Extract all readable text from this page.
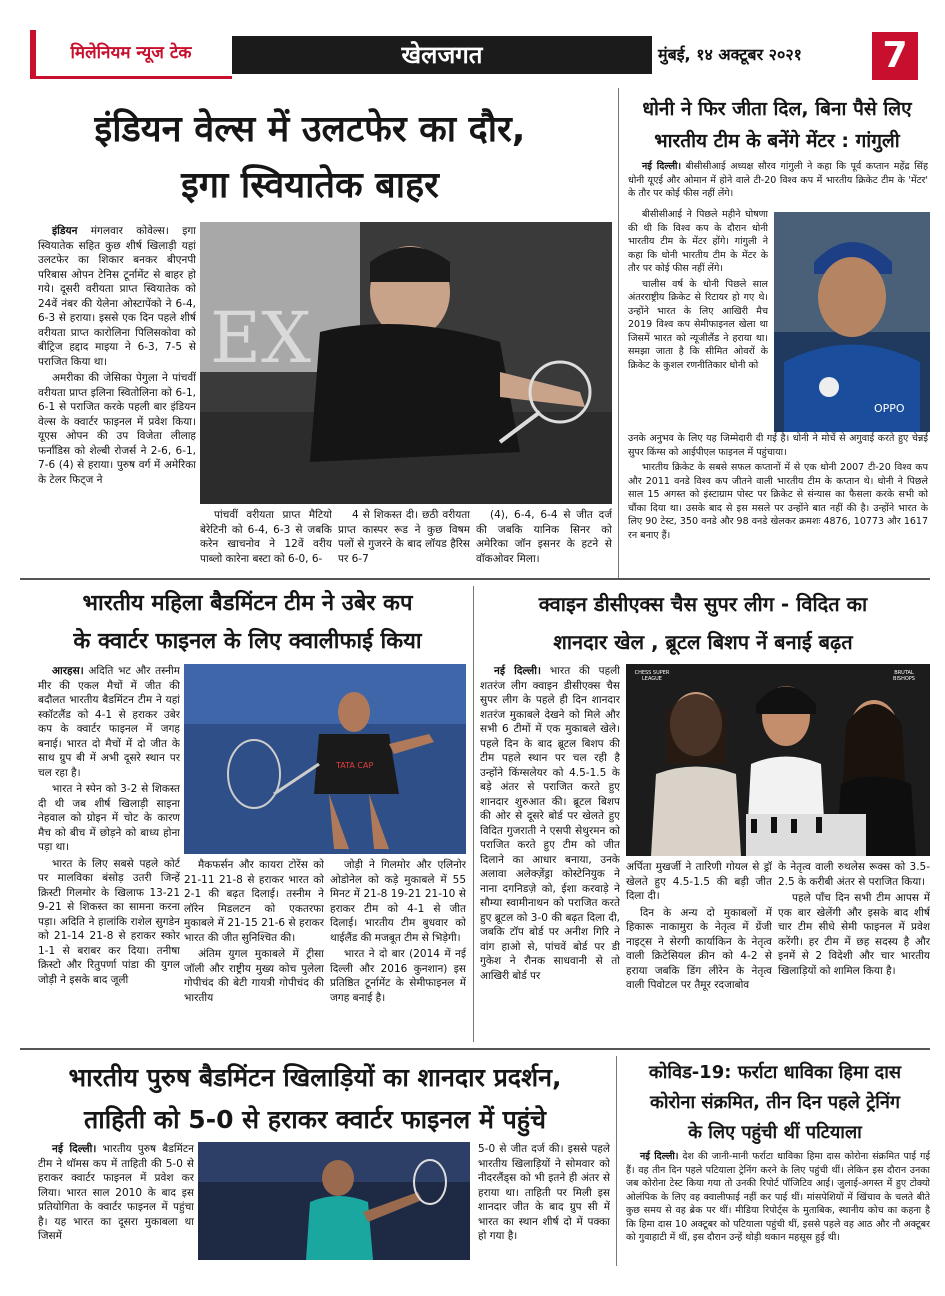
मिलेनियम न्यूज टेक	खेलजगत	मुंबई, १४ अक्टूबर २०२१	7
इंडियन वेल्स में उलटफेर का दौर,
इगा स्वियातेक बाहर

इंडियन मंगलवार कोवेल्स। इगा स्वियातेक सहित कुछ शीर्ष खिलाड़ी यहां उलटफेर का शिकार बनकर बीएनपी परिबास ओपन टेनिस टूर्नामेंट से बाहर हो गये। दूसरी वरीयता प्राप्त स्वियातेक को 24वें नंबर की येलेना ओस्टापेंको ने 6-4, 6-3 से हराया। इससे एक दिन पहले शीर्ष वरीयता प्राप्त कारोलिना पिलिसकोवा को बीट्रिज हद्दाद माइया ने 6-3, 7-5 से पराजित किया था।

अमरीका की जेसिका पेगुला ने पांचवीं वरीयता प्राप्त इलिना स्वितोलिना को 6-1, 6-1 से पराजित करके पहली बार इंडियन वेल्स के क्वार्टर फाइनल में प्रवेश किया। यूएस ओपन की उप विजेता लीलाह फर्नांडिस को शेल्बी रोजर्स ने 2-6, 6-1, 7-6 (4) से हराया। पुरुष वर्ग में अमेरिका के टेलर फिट्ज ने

EX

पांचवीं वरीयता प्राप्त मैटियो बेरेटिनी को 6-4, 6-3 से जबकि करेन खाचनोव ने 12वें वरीय पाब्लो कारेना बस्टा को 6-0, 6-

4 से शिकस्त दी। छठी वरीयता प्राप्त कास्पर रूड ने कुछ विषम पलों से गुजरने के बाद लॉयड हैरिस पर 6-7

(4), 6-4, 6-4 से जीत दर्ज की जबकि यानिक सिनर को अमेरिका जॉन इसनर के हटने से वॉकओवर मिला।

धोनी ने फिर जीता दिल, बिना पैसे लिए
भारतीय टीम के बनेंगे मेंटर : गांगुली

नई दिल्ली। बीसीसीआई अध्यक्ष सौरव गांगुली ने कहा कि पूर्व कप्तान महेंद्र सिंह धोनी यूएई और ओमान में होने वाले टी-20 विश्व कप में भारतीय क्रिकेट टीम के 'मेंटर' के तौर पर कोई फीस नहीं लेंगे।

बीसीसीआई ने पिछले महीने घोषणा की थी कि विश्व कप के दौरान धोनी भारतीय टीम के मेंटर होंगे। गांगुली ने कहा कि धोनी भारतीय टीम के मेंटर के तौर पर कोई फीस नहीं लेंगे।

चालीस वर्ष के धोनी पिछले साल अंतरराष्ट्रीय क्रिकेट से रिटायर हो गए थे। उन्होंने भारत के लिए आखिरी मैच 2019 विश्व कप सेमीफाइनल खेला था जिसमें भारत को न्यूजीलैंड ने हराया था। समझा जाता है कि सीमित ओवरों के क्रिकेट के कुशल रणनीतिकार धोनी को

OPPO

उनके अनुभव के लिए यह जिम्मेदारी दी गई है। धोनी ने मोर्चे से अगुवाई करते हुए चेन्नई सुपर किंग्स को आईपीएल फाइनल में पहुंचाया।

भारतीय क्रिकेट के सबसे सफल कप्तानों में से एक धोनी 2007 टी-20 विश्व कप और 2011 वनडे विश्व कप जीतने वाली भारतीय टीम के कप्तान थे। धोनी ने पिछले साल 15 अगस्त को इंस्टाग्राम पोस्ट पर क्रिकेट से संन्यास का फैसला करके सभी को चौंका दिया था। उसके बाद से इस मसले पर उन्होंने बात नहीं की है। उन्होंने भारत के लिए 90 टेस्ट, 350 वनडे और 98 वनडे खेलकर क्रमशः 4876, 10773 और 1617 रन बनाए हैं।

भारतीय महिला बैडमिंटन टीम ने उबेर कप
के क्वार्टर फाइनल के लिए क्वालीफाई किया

आरहस। अदिति भट और तस्नीम मीर की एकल मैचों में जीत की बदौलत भारतीय बैडमिंटन टीम ने यहां स्कॉटलैंड को 4-1 से हराकर उबेर कप के क्वार्टर फाइनल में जगह बनाई। भारत दो मैचों में दो जीत के साथ ग्रुप बी में अभी दूसरे स्थान पर चल रहा है।

भारत ने स्पेन को 3-2 से शिकस्त दी थी जब शीर्ष खिलाड़ी साइना नेहवाल को ग्रोइन में चोट के कारण मैच को बीच में छोड़ने को बाध्य होना पड़ा था।

भारत के लिए सबसे पहले कोर्ट पर मालविका बंसोड़ उतरी जिन्हें क्रिस्टी गिलमोर के खिलाफ 13-21 9-21 से शिकस्त का सामना करना पड़ा। अदिति ने हालांकि राशेल सुगडेन को 21-14 21-8 से हराकर स्कोर 1-1 से बराबर कर दिया। तनीषा क्रिस्टो और रितुपर्णा पांडा की युगल जोड़ी ने इसके बाद जूली

TATA CAP

मैकफर्सन और कायरा टोरेंस को 21-11 21-8 से हराकर भारत को 2-1 की बढ़त दिलाई। तस्नीम ने लॉरेन मिडलटन को एकतरफा मुकाबले में 21-15 21-6 से हराकर भारत की जीत सुनिश्चित की।

अंतिम युगल मुकाबले में ट्रीसा जॉली और राष्ट्रीय मुख्य कोच पुलेला गोपीचंद की बेटी गायत्री गोपीचंद की भारतीय

जोड़ी ने गिलमोर और एलिनोर ओडोनेल को कड़े मुकाबले में 55 मिनट में 21-8 19-21 21-10 से हराकर टीम को 4-1 से जीत दिलाई। भारतीय टीम बुधवार को थाईलैंड की मजबूत टीम से भिड़ेगी।

भारत ने दो बार (2014 में नई दिल्ली और 2016 कुनशान) इस प्रतिष्ठित टूर्नामेंट के सेमीफाइनल में जगह बनाई है।

क्वाइन डीसीएक्स चैस सुपर लीग - विदित का
शानदार खेल , ब्रूटल बिशप नें बनाई बढ़त

नई दिल्ली। भारत की पहली शतरंज लीग क्वाइन डीसीएक्स चैस सुपर लीग के पहले ही दिन शानदार शतरंज मुकाबले देखने को मिले और सभी 6 टीमों में एक मुकाबले खेले। पहले दिन के बाद ब्रूटल बिशप की टीम पहले स्थान पर चल रही है उन्होंने किंग्सलेयर को 4.5-1.5 के बड़े अंतर से पराजित करते हुए शानदार शुरुआत की। ब्रूटल बिशप की ओर से दूसरे बोर्ड पर खेलते हुए विदित गुजराती ने एसपी सेथुरमन को पराजित करते हुए टीम को जीत दिलाने का आधार बनाया, उनके अलावा अलेक्ज़ेंड्रा कोस्टेनियुक ने नाना दगनिडज़े को, ईशा करवाड़े ने सौम्या स्वामीनाथन को पराजित करते हुए ब्रूटल को 3-0 की बढ़त दिला दी, जबकि टॉप बोर्ड पर अनीश गिरि ने वांग हाओ से, पांचवें बोर्ड पर डी गुकेश ने रौनक साधवानी से तो आखिरी बोर्ड पर

CHESS SUPER LEAGUE
BRUTAL BISHOPS

अर्पिता मुखर्जी ने तारिणी गोयल से ड्रॉ खेलते हुए 4.5-1.5 की बड़ी जीत दिला दी।

दिन के अन्य दो मुकाबलों में हिकारू नाकामुरा के नेतृत्व में ग्रेंजी नाइट्स ने सेरगी कार्याकिन के नेतृत्व वाली क्रिटेसियल क्रीन को 4-2 से हराया जबकि डिंग लीरेन के नेतृत्व वाली पिवोटल पर तैमूर रदजाबोव

के नेतृत्व वाली रुथलेस रूक्स को 3.5-2.5 के करीबी अंतर से पराजित किया।

पहले पाँच दिन सभी टीम आपस में एक बार खेलेंगी और इसके बाद शीर्ष चार टीम सीधे सेमी फाइनल में प्रवेश करेंगी। हर टीम में छह सदस्य है और इनमें से 2 विदेशी और चार भारतीय खिलाड़ियों को शामिल किया है।

भारतीय पुरुष बैडमिंटन खिलाड़ियों का शानदार प्रदर्शन,
ताहिती को 5-0 से हराकर क्वार्टर फाइनल में पहुंचे

नई दिल्ली। भारतीय पुरुष बैडमिंटन टीम ने थॉमस कप में ताहिती की 5-0 से हराकर क्वार्टर फाइनल में प्रवेश कर लिया। भारत साल 2010 के बाद इस प्रतियोगिता के क्वार्टर फाइनल में पहुंचा है। यह भारत का दूसरा मुकाबला था जिसमें

5-0 से जीत दर्ज की। इससे पहले भारतीय खिलाड़ियों ने सोमवार को नीदरलैंड्स को भी इतने ही अंतर से हराया था। ताहिती पर मिली इस शानदार जीत के बाद ग्रुप सी में भारत का स्थान शीर्ष दो में पक्का हो गया है।

कोविड-19: फर्राटा धाविका हिमा दास
कोरोना संक्रमित, तीन दिन पहले ट्रेनिंग
के लिए पहुंची थीं पटियाला

नई दिल्ली। देश की जानी-मानी फर्राटा धाविका हिमा दास कोरोना संक्रमित पाई गई हैं। वह तीन दिन पहले पटियाला ट्रेनिंग करने के लिए पहुंची थीं। लेकिन इस दौरान उनका जब कोरोना टेस्ट किया गया तो उनकी रिपोर्ट पॉजिटिव आई। जुलाई-अगस्त में हुए टोक्यो ओलंपिक के लिए वह क्वालीफाई नहीं कर पाई थीं। मांसपेशियों में खिंचाव के चलते बीते कुछ समय से वह ब्रेक पर थीं। मीडिया रिपोर्ट्स के मुताबिक, स्थानीय कोच का कहना है कि हिमा दास 10 अक्टूबर को पटियाला पहुंची थीं, इससे पहले वह आठ और नौ अक्टूबर को गुवाहाटी में थीं, इस दौरान उन्हें थोड़ी थकान महसूस हुई थी।
